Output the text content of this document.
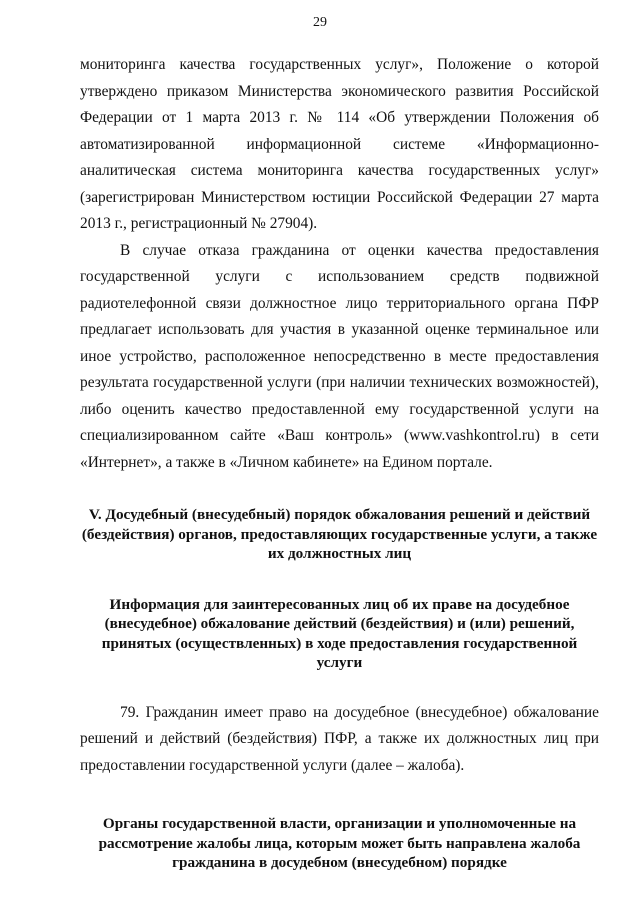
29

мониторинга качества государственных услуг», Положение о которой утверждено приказом Министерства экономического развития Российской Федерации от 1 марта 2013 г. № 114 «Об утверждении Положения об автоматизированной информационной системе «Информационно-аналитическая система мониторинга качества государственных услуг» (зарегистрирован Министерством юстиции Российской Федерации 27 марта 2013 г., регистрационный № 27904).

В случае отказа гражданина от оценки качества предоставления государственной услуги с использованием средств подвижной радиотелефонной связи должностное лицо территориального органа ПФР предлагает использовать для участия в указанной оценке терминальное или иное устройство, расположенное непосредственно в месте предоставления результата государственной услуги (при наличии технических возможностей), либо оценить качество предоставленной ему государственной услуги на специализированном сайте «Ваш контроль» (www.vashkontrol.ru) в сети «Интернет», а также в «Личном кабинете» на Едином портале.

V. Досудебный (внесудебный) порядок обжалования решений и действий (бездействия) органов, предоставляющих государственные услуги, а также их должностных лиц

Информация для заинтересованных лиц об их праве на досудебное (внесудебное) обжалование действий (бездействия) и (или) решений, принятых (осуществленных) в ходе предоставления государственной услуги

79. Гражданин имеет право на досудебное (внесудебное) обжалование решений и действий (бездействия) ПФР, а также их должностных лиц при предоставлении государственной услуги (далее – жалоба).

Органы государственной власти, организации и уполномоченные на рассмотрение жалобы лица, которым может быть направлена жалоба гражданина в досудебном (внесудебном) порядке
